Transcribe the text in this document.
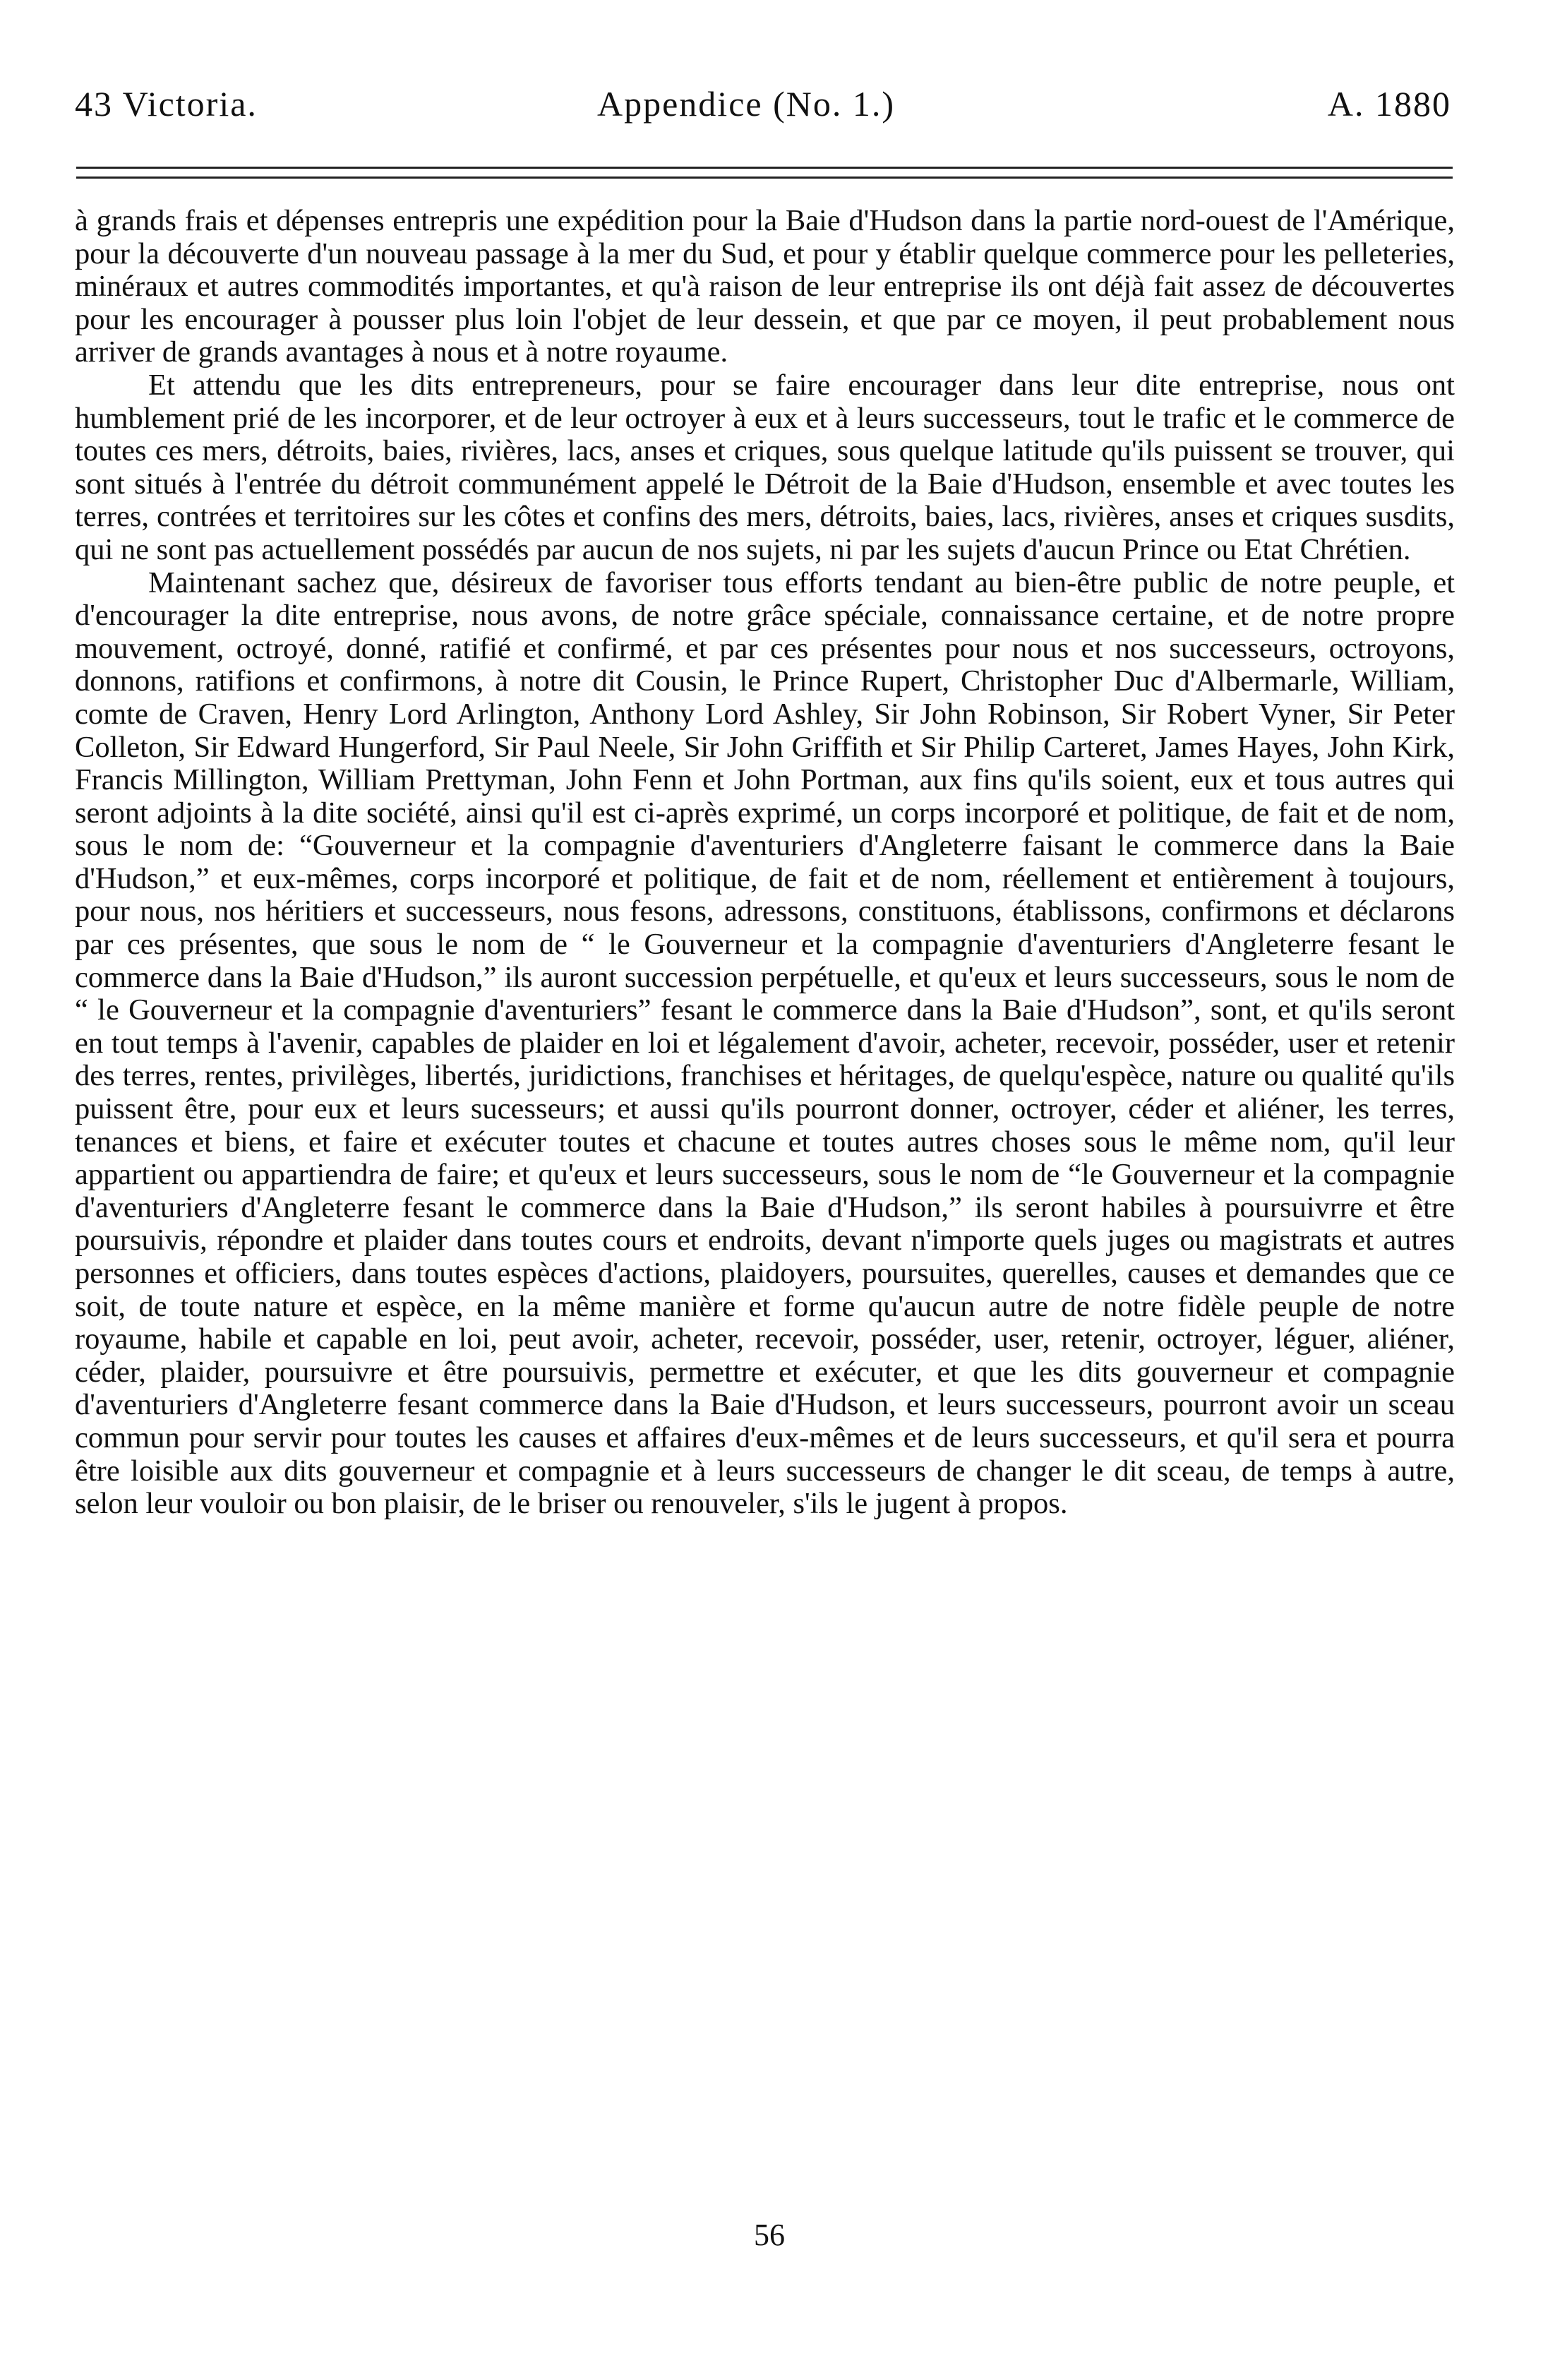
43 Victoria.	Appendice (No. 1.)	A. 1880

à grands frais et dépenses entrepris une expédition pour la Baie d'Hudson dans la partie nord-ouest de l'Amérique, pour la découverte d'un nouveau passage à la mer du Sud, et pour y établir quelque commerce pour les pelleteries, minéraux et autres commodités importantes, et qu'à raison de leur entreprise ils ont déjà fait assez de découvertes pour les encourager à pousser plus loin l'objet de leur dessein, et que par ce moyen, il peut probablement nous arriver de grands avantages à nous et à notre royaume.

Et attendu que les dits entrepreneurs, pour se faire encourager dans leur dite entreprise, nous ont humblement prié de les incorporer, et de leur octroyer à eux et à leurs successeurs, tout le trafic et le commerce de toutes ces mers, détroits, baies, rivières, lacs, anses et criques, sous quelque latitude qu'ils puissent se trouver, qui sont situés à l'entrée du détroit communément appelé le Détroit de la Baie d'Hudson, ensemble et avec toutes les terres, contrées et territoires sur les côtes et confins des mers, détroits, baies, lacs, rivières, anses et criques susdits, qui ne sont pas actuellement possédés par aucun de nos sujets, ni par les sujets d'aucun Prince ou Etat Chrétien.

Maintenant sachez que, désireux de favoriser tous efforts tendant au bien-être public de notre peuple, et d'encourager la dite entreprise, nous avons, de notre grâce spéciale, connaissance certaine, et de notre propre mouvement, octroyé, donné, ratifié et confirmé, et par ces présentes pour nous et nos successeurs, octroyons, donnons, ratifions et confirmons, à notre dit Cousin, le Prince Rupert, Christopher Duc d'Albermarle, William, comte de Craven, Henry Lord Arlington, Anthony Lord Ashley, Sir John Robinson, Sir Robert Vyner, Sir Peter Colleton, Sir Edward Hungerford, Sir Paul Neele, Sir John Griffith et Sir Philip Carteret, James Hayes, John Kirk, Francis Millington, William Prettyman, John Fenn et John Portman, aux fins qu'ils soient, eux et tous autres qui seront adjoints à la dite société, ainsi qu'il est ci-après exprimé, un corps incorporé et politique, de fait et de nom, sous le nom de: “Gouverneur et la compagnie d'aventuriers d'Angleterre faisant le commerce dans la Baie d'Hudson,” et eux-mêmes, corps incorporé et politique, de fait et de nom, réellement et entièrement à toujours, pour nous, nos héritiers et successeurs, nous fesons, adressons, constituons, établissons, confirmons et déclarons par ces présentes, que sous le nom de “ le Gouverneur et la compagnie d'aventuriers d'Angleterre fesant le commerce dans la Baie d'Hudson,” ils auront succession perpétuelle, et qu'eux et leurs successeurs, sous le nom de “ le Gouverneur et la compagnie d'aventuriers” fesant le commerce dans la Baie d'Hudson”, sont, et qu'ils seront en tout temps à l'avenir, capables de plaider en loi et légalement d'avoir, acheter, recevoir, posséder, user et retenir des terres, rentes, privilèges, libertés, juridictions, franchises et héritages, de quelqu'espèce, nature ou qualité qu'ils puissent être, pour eux et leurs sucesseurs; et aussi qu'ils pourront donner, octroyer, céder et aliéner, les terres, tenances et biens, et faire et exécuter toutes et chacune et toutes autres choses sous le même nom, qu'il leur appartient ou appartiendra de faire; et qu'eux et leurs successeurs, sous le nom de “le Gouverneur et la compagnie d'aventuriers d'Angleterre fesant le commerce dans la Baie d'Hudson,” ils seront habiles à poursuivrre et être poursuivis, répondre et plaider dans toutes cours et endroits, devant n'importe quels juges ou magistrats et autres personnes et officiers, dans toutes espèces d'actions, plaidoyers, poursuites, querelles, causes et demandes que ce soit, de toute nature et espèce, en la même manière et forme qu'aucun autre de notre fidèle peuple de notre royaume, habile et capable en loi, peut avoir, acheter, recevoir, posséder, user, retenir, octroyer, léguer, aliéner, céder, plaider, poursuivre et être poursuivis, permettre et exécuter, et que les dits gouverneur et compagnie d'aventuriers d'Angleterre fesant commerce dans la Baie d'Hudson, et leurs successeurs, pourront avoir un sceau commun pour servir pour toutes les causes et affaires d'eux-mêmes et de leurs successeurs, et qu'il sera et pourra être loisible aux dits gouverneur et compagnie et à leurs successeurs de changer le dit sceau, de temps à autre, selon leur vouloir ou bon plaisir, de le briser ou renouveler, s'ils le jugent à propos.

56
